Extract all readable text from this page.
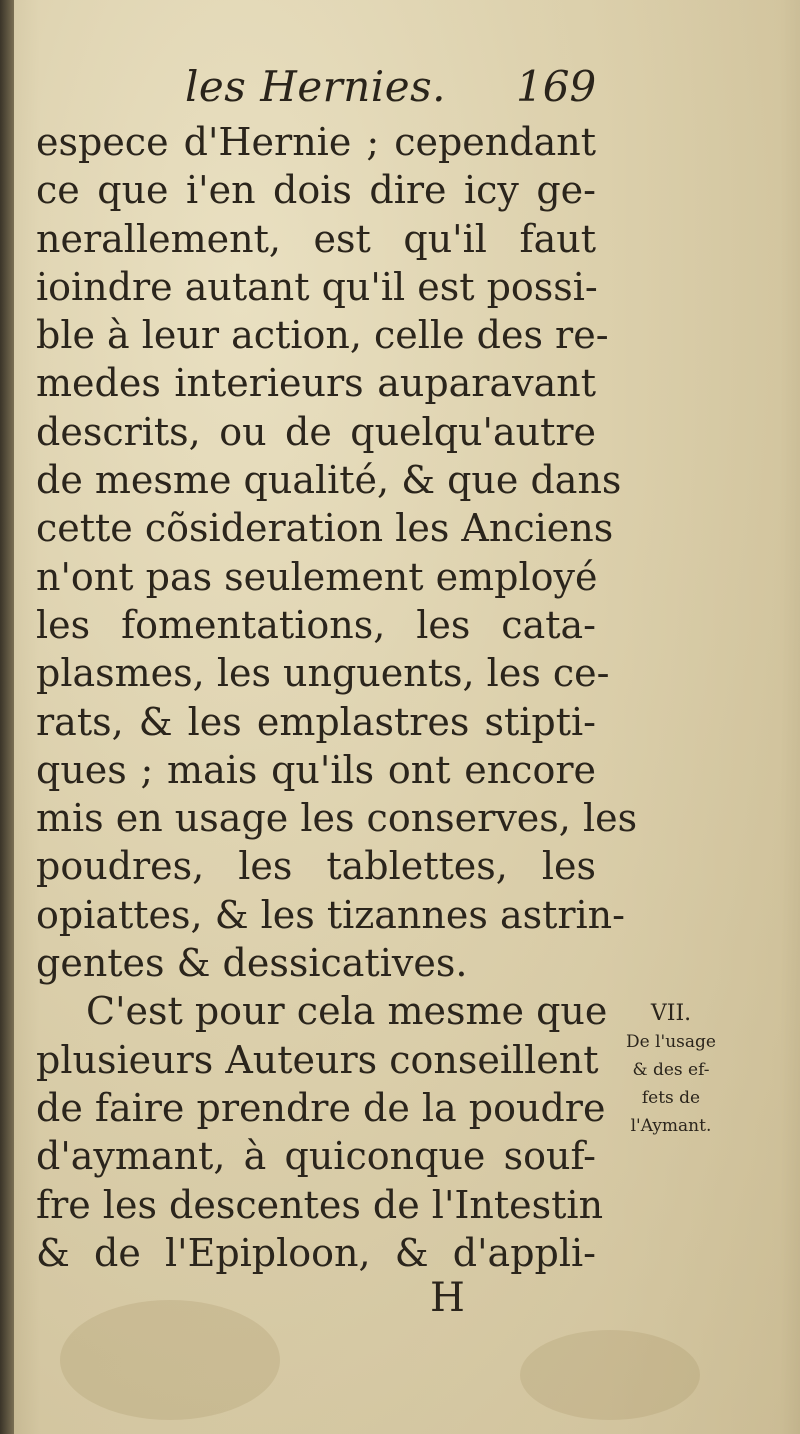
les Hernies. 169
especе d'Hernie ; cependant
ce que i'en dois dire icy ge-
nerallement, est qu'il faut
ioindre autant qu'il est possi-
ble à leur action, celle des re-
medes interieurs auparavant
descrits, ou de quelqu'autre
de mesme qualité, & que dans
cette cõsideration les Anciens
n'ont pas seulement employé
les fomentations, les cata-
plasmes, les unguents, les ce-
rats, & les emplastres stipti-
ques ; mais qu'ils ont encore
mis en usage les conserves, les
poudres, les tablettes, les
opiattes, & les tizannes astrin-
gentes & dessicatives.
C'est pour cela mesme que
plusieurs Auteurs conseillent
de faire prendre de la poudre
d'aymant, à quiconque souf-
fre les descentes de l'Intestin
& de l'Epiploon, & d'appli-
VII.
De l'usage
& des ef-
fets de
l'Aymant.
H
